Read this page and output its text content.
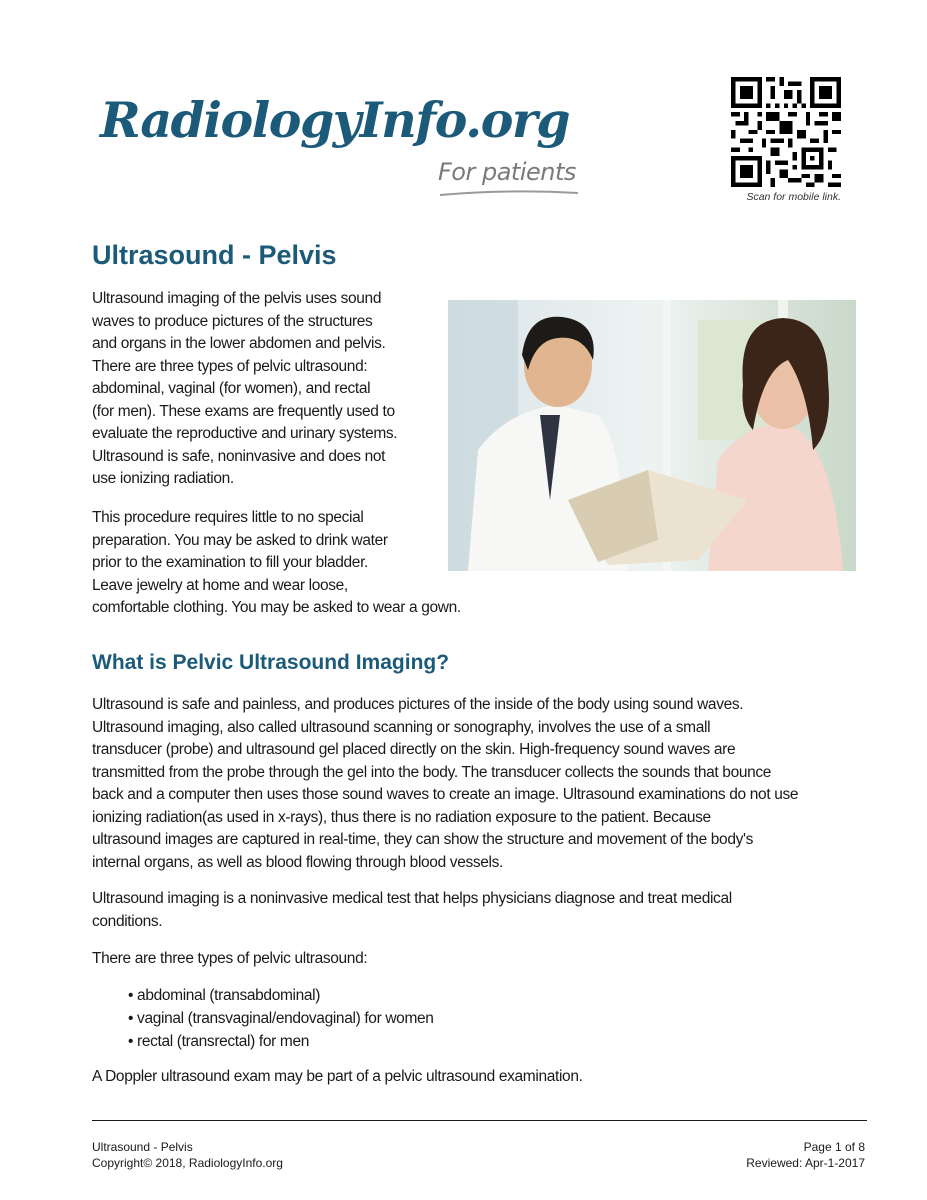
RadiologyInfo.org
For patients
Scan for mobile link.
Ultrasound - Pelvis

Ultrasound imaging of the pelvis uses sound
waves to produce pictures of the structures
and organs in the lower abdomen and pelvis.
There are three types of pelvic ultrasound:
abdominal, vaginal (for women), and rectal
(for men). These exams are frequently used to
evaluate the reproductive and urinary systems.
Ultrasound is safe, noninvasive and does not
use ionizing radiation.

This procedure requires little to no special
preparation. You may be asked to drink water
prior to the examination to fill your bladder.
Leave jewelry at home and wear loose,
comfortable clothing. You may be asked to wear a gown.

What is Pelvic Ultrasound Imaging?

Ultrasound is safe and painless, and produces pictures of the inside of the body using sound waves.
Ultrasound imaging, also called ultrasound scanning or sonography, involves the use of a small
transducer (probe) and ultrasound gel placed directly on the skin. High-frequency sound waves are
transmitted from the probe through the gel into the body. The transducer collects the sounds that bounce
back and a computer then uses those sound waves to create an image. Ultrasound examinations do not use
ionizing radiation(as used in x-rays), thus there is no radiation exposure to the patient. Because
ultrasound images are captured in real-time, they can show the structure and movement of the body's
internal organs, as well as blood flowing through blood vessels.

Ultrasound imaging is a noninvasive medical test that helps physicians diagnose and treat medical
conditions.

There are three types of pelvic ultrasound:

• abdominal (transabdominal)
• vaginal (transvaginal/endovaginal) for women
• rectal (transrectal) for men

A Doppler ultrasound exam may be part of a pelvic ultrasound examination.

Ultrasound - Pelvis
Copyright© 2018, RadiologyInfo.org
Page 1 of 8
Reviewed: Apr-1-2017
